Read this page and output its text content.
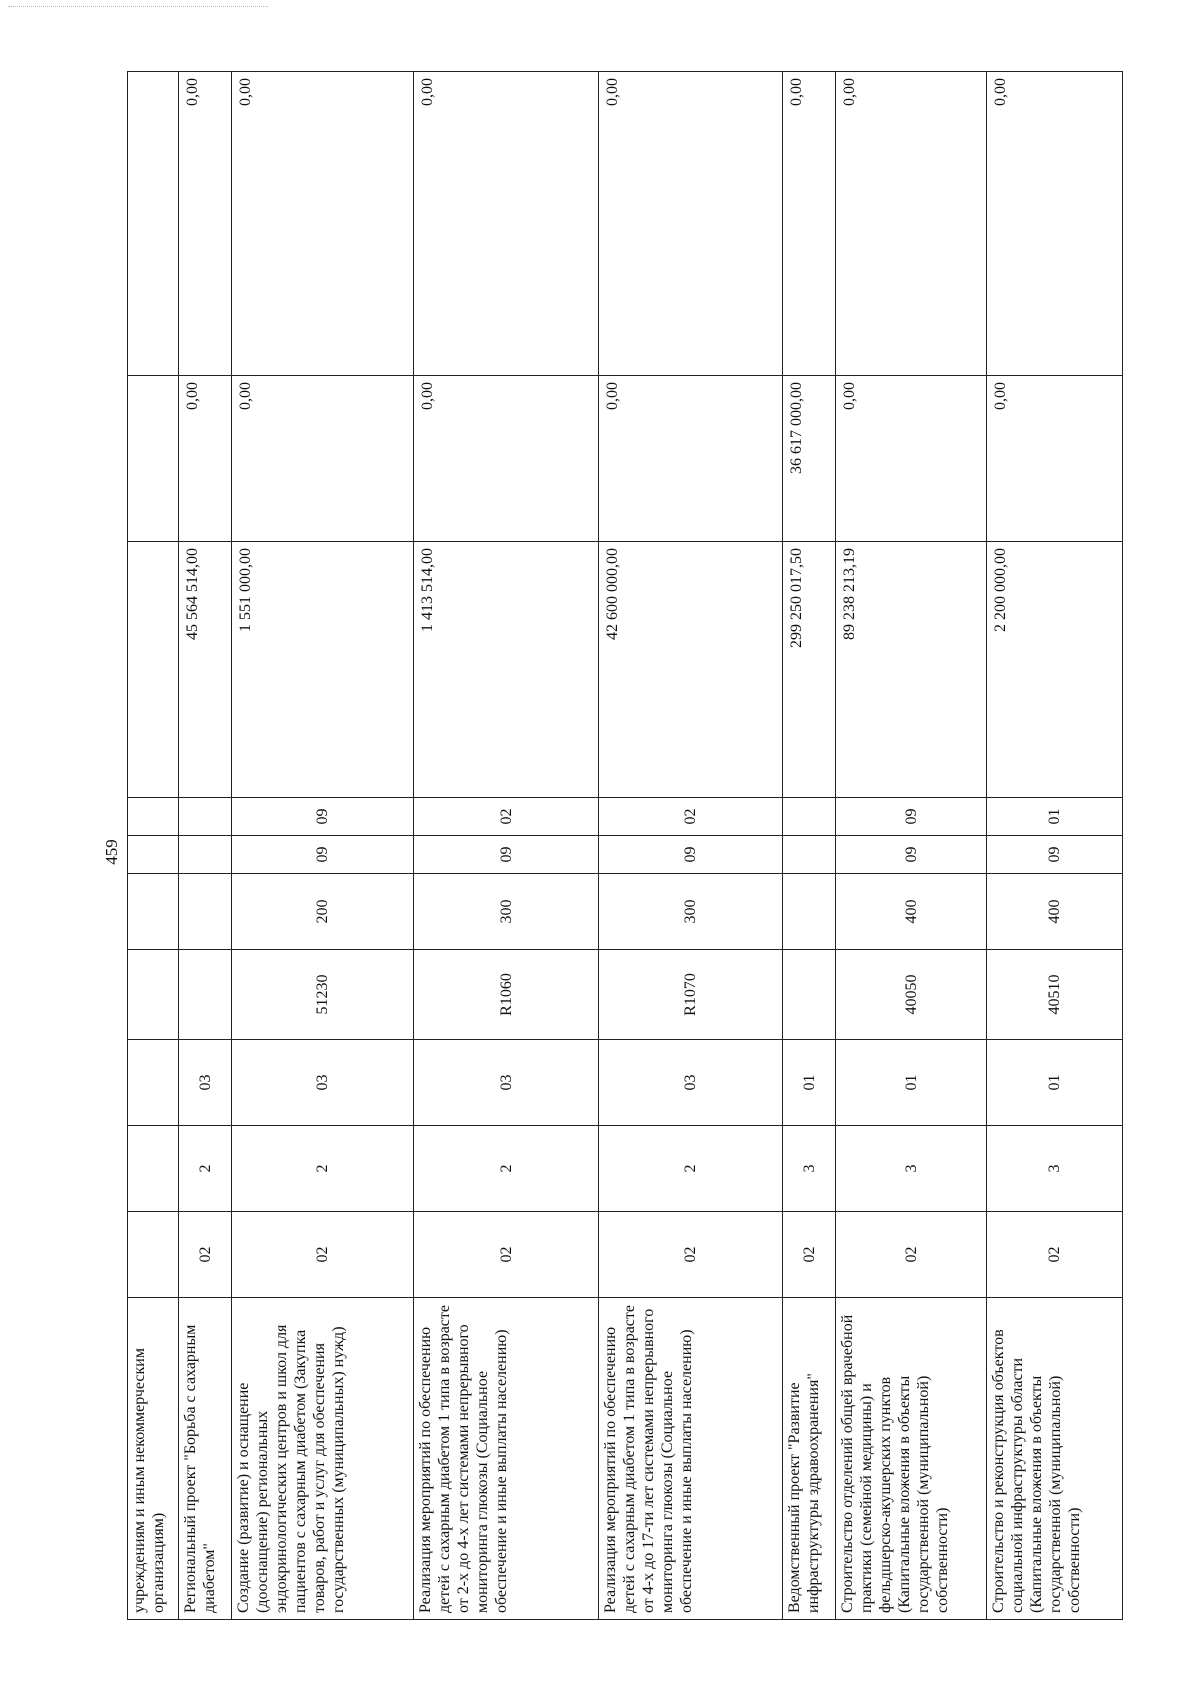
459
учреждениям и иным некоммерческим организациям)										
Региональный проект "Борьба с сахарным диабетом"	02	2	03					45 564 514,00	0,00	0,00
Создание (развитие) и оснащение (дооснащение) региональных эндокринологических центров и школ для пациентов с сахарным диабетом (Закупка товаров, работ и услуг для обеспечения государственных (муниципальных) нужд)	02	2	03	51230	200	09	09	1 551 000,00	0,00	0,00
Реализация мероприятий по обеспечению детей с сахарным диабетом 1 типа в возрасте от 2-х до 4-х лет системами непрерывного мониторинга глюкозы (Социальное обеспечение и иные выплаты населению)	02	2	03	R1060	300	09	02	1 413 514,00	0,00	0,00
Реализация мероприятий по обеспечению детей с сахарным диабетом 1 типа в возрасте от 4-х до 17-ти лет системами непрерывного мониторинга глюкозы (Социальное обеспечение и иные выплаты населению)	02	2	03	R1070	300	09	02	42 600 000,00	0,00	0,00
Ведомственный проект "Развитие инфраструктуры здравоохранения"	02	3	01					299 250 017,50	36 617 000,00	0,00
Строительство отделений общей врачебной практики (семейной медицины) и фельдшерско-акушерских пунктов (Капитальные вложения в объекты государственной (муниципальной) собственности)	02	3	01	40050	400	09	09	89 238 213,19	0,00	0,00
Строительство и реконструкция объектов социальной инфраструктуры области (Капитальные вложения в объекты государственной (муниципальной) собственности)	02	3	01	40510	400	09	01	2 200 000,00	0,00	0,00
